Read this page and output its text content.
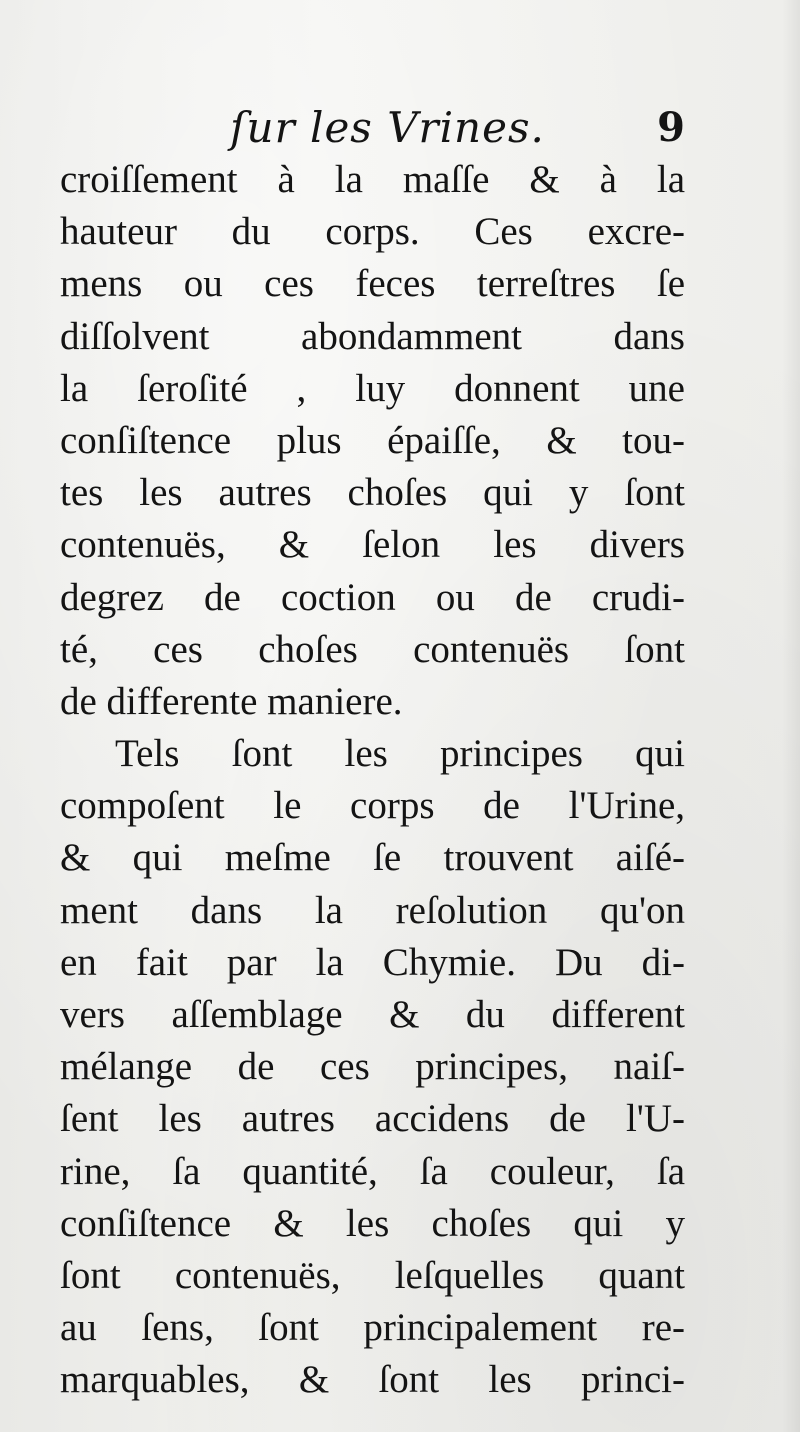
ſur les Vrines.	9
croiſſement à la maſſe & à la
hauteur du corps. Ces excre-
mens ou ces feces terreſtres ſe
diſſolvent abondamment dans
la ſeroſité , luy donnent une
conſiſtence plus épaiſſe, & tou-
tes les autres choſes qui y ſont
contenuës, & ſelon les divers
degrez de coction ou de crudi-
té, ces choſes contenuës ſont
de differente maniere.
Tels ſont les principes qui
compoſent le corps de l'Urine,
& qui meſme ſe trouvent aiſé-
ment dans la reſolution qu'on
en fait par la Chymie. Du di-
vers aſſemblage & du different
mélange de ces principes, naiſ-
ſent les autres accidens de l'U-
rine, ſa quantité, ſa couleur, ſa
conſiſtence & les choſes qui y
ſont contenuës, leſquelles quant
au ſens, ſont principalement re-
marquables, & ſont les princi-
